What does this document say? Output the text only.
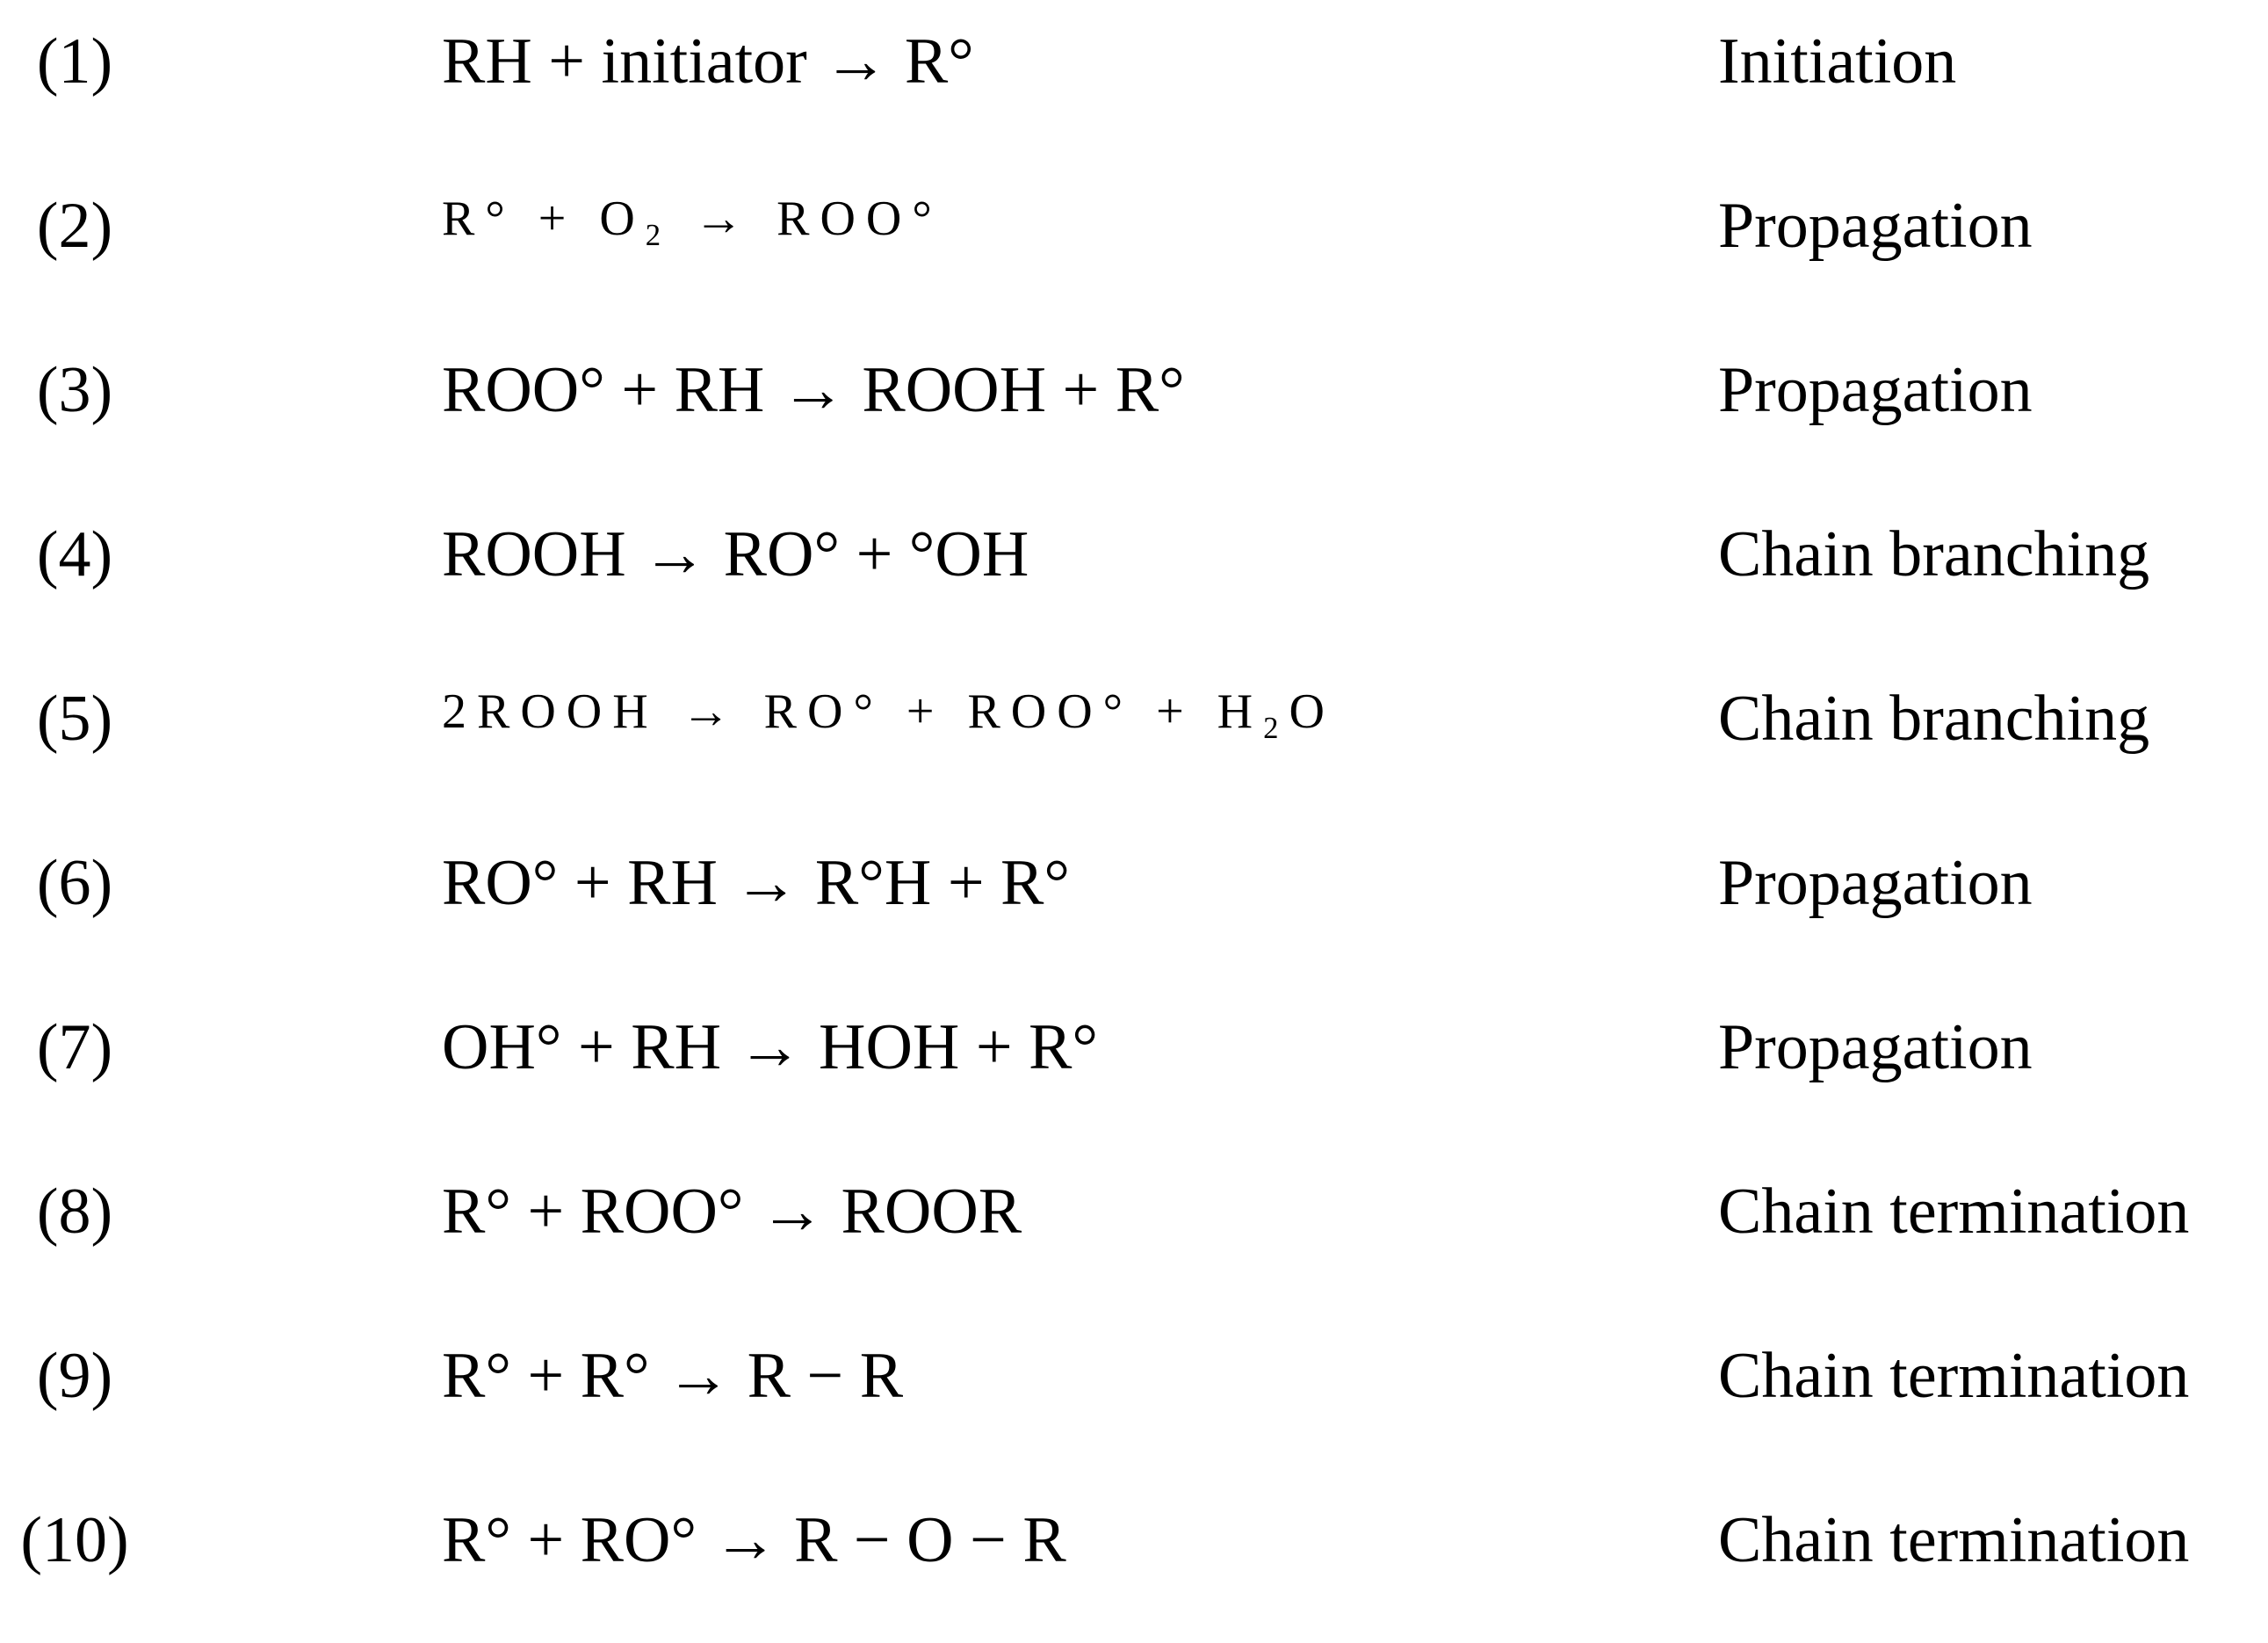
(1)	RH + initiator → R°	Initiation
(2)	$R^\circ + O_2 \to ROO^\circ$	Propagation
(3)	ROO° + RH → ROOH + R°	Propagation
(4)	ROOH → RO° + °OH	Chain branching
(5)	2ROOH → $RO^\circ + ROO^\circ + H_2O$	Chain branching
(6)	RO° + RH → R°H + R°	Propagation
(7)	OH° + RH → HOH + R°	Propagation
(8)	R° + ROO° → ROOR	Chain termination
(9)	R° + R° → R − R	Chain termination
(10)	R° + RO° → R − O − R	Chain termination
